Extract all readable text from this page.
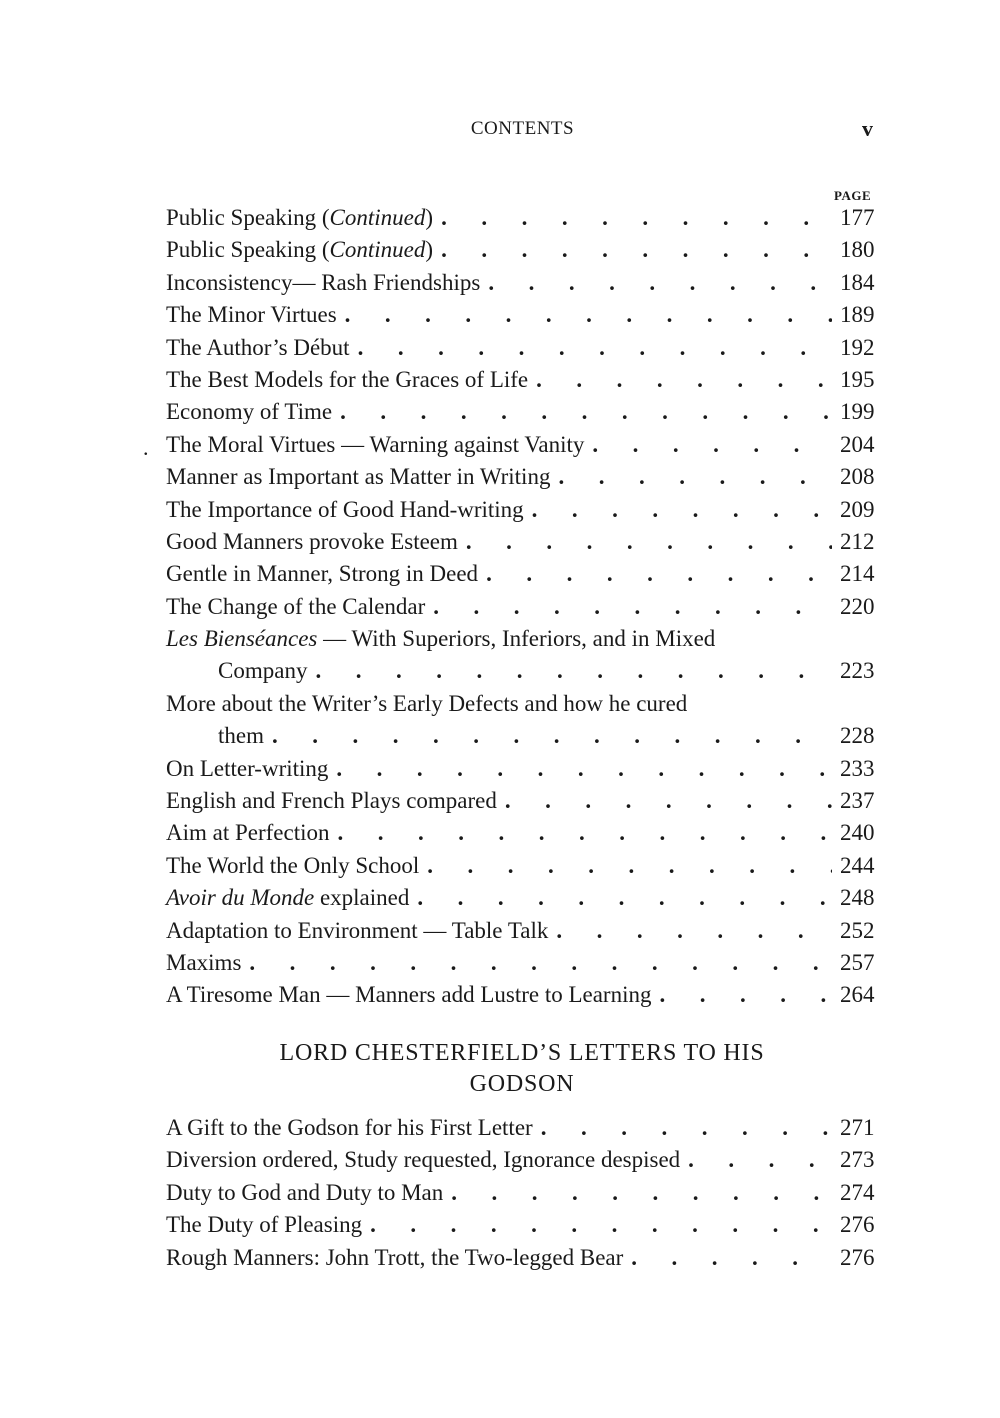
CONTENTS	v
PAGE
.
Public Speaking (Continued) .	177
Public Speaking (Continued) .	180
Inconsistency— Rash Friendships .	184
The Minor Virtues .	189
The Author’s Début .	192
The Best Models for the Graces of Life .	195
Economy of Time .	199
The Moral Virtues — Warning against Vanity .	204
Manner as Important as Matter in Writing .	208
The Importance of Good Hand-writing .	209
Good Manners provoke Esteem .	212
Gentle in Manner, Strong in Deed .	214
The Change of the Calendar .	220
Les Bienséances — With Superiors, Inferiors, and in Mixed
Company .	223
More about the Writer’s Early Defects and how he cured
them .	228
On Letter-writing .	233
English and French Plays compared .	237
Aim at Perfection .	240
The World the Only School .	244
Avoir du Monde explained .	248
Adaptation to Environment — Table Talk .	252
Maxims .	257
A Tiresome Man — Manners add Lustre to Learning .	264
LORD CHESTERFIELD’S LETTERS TO HIS
GODSON
A Gift to the Godson for his First Letter .	271
Diversion ordered, Study requested, Ignorance despised .	273
Duty to God and Duty to Man .	274
The Duty of Pleasing .	276
Rough Manners: John Trott, the Two-legged Bear .	276
